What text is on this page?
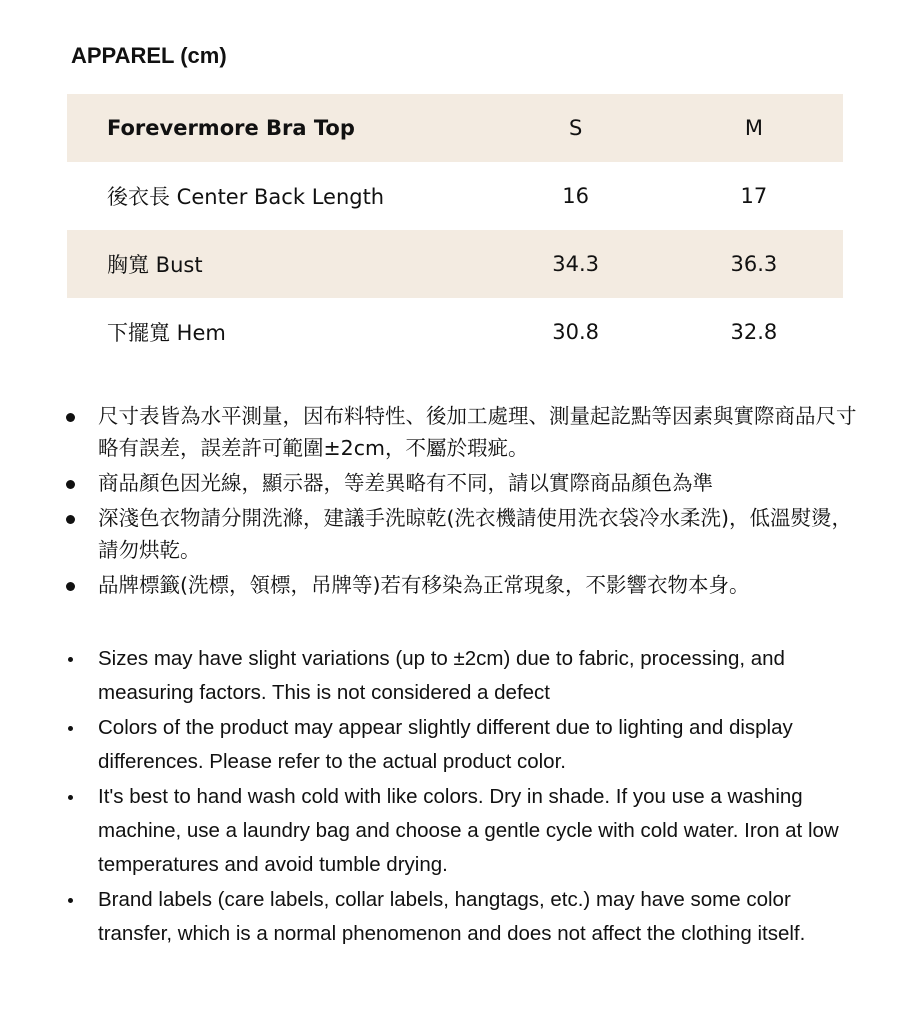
APPAREL (cm)
Forevermore Bra Top	S	M
後衣長 Center Back Length	16	17
胸寬 Bust	34.3	36.3
下擺寬 Hem	30.8	32.8
尺寸表皆為水平測量，因布料特性、後加工處理、測量起訖點等因素與實際商品尺寸略有誤差，誤差許可範圍±2cm，不屬於瑕疵。
商品顏色因光線，顯示器，等差異略有不同，請以實際商品顏色為準
深淺色衣物請分開洗滌，建議手洗晾乾(洗衣機請使用洗衣袋冷水柔洗)，低溫熨燙，請勿烘乾。
品牌標籤(洗標，領標，吊牌等)若有移染為正常現象，不影響衣物本身。
Sizes may have slight variations (up to ±2cm) due to fabric, processing, and measuring factors. This is not considered a defect
Colors of the product may appear slightly different due to lighting and display differences. Please refer to the actual product color.
It's best to hand wash cold with like colors. Dry in shade. If you use a washing machine, use a laundry bag and choose a gentle cycle with cold water. Iron at low temperatures and avoid tumble drying.
Brand labels (care labels, collar labels, hangtags, etc.) may have some color transfer, which is a normal phenomenon and does not affect the clothing itself.
